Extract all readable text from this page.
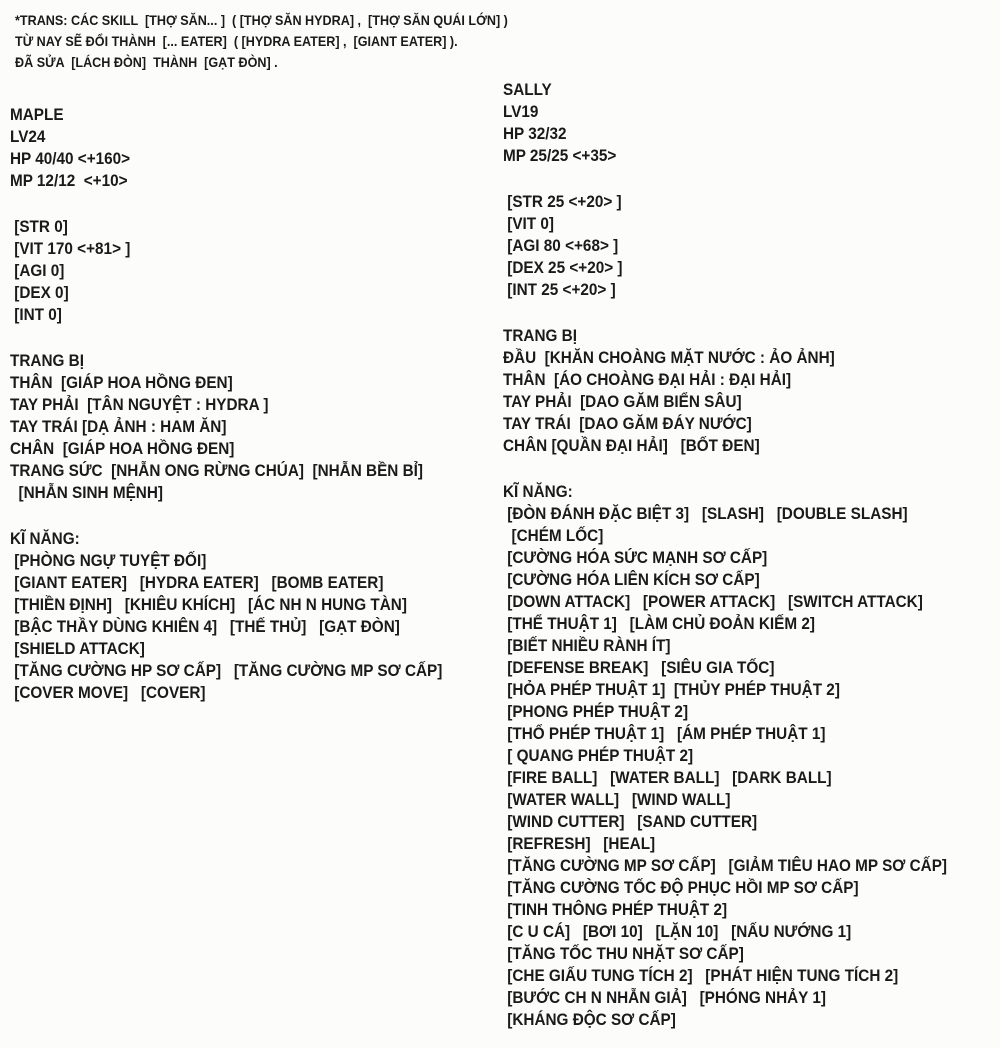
*TRANS: CÁC SKILL  [THỢ SĂN... ]  ( [THỢ SĂN HYDRA] ,  [THỢ SĂN QUÁI LỚN] )
TỪ NAY SẼ ĐỔI THÀNH  [... EATER]  ( [HYDRA EATER] ,  [GIANT EATER] ).
ĐÃ SỬA  [LÁCH ĐÒN]  THÀNH  [GẠT ĐÒN] .
MAPLE
LV24
HP 40/40 <+160>
MP 12/12  <+10>
[STR 0]
[VIT 170 <+81> ]
[AGI 0]
[DEX 0]
[INT 0]
TRANG BỊ
THÂN  [GIÁP HOA HỒNG ĐEN]
TAY PHẢI  [TÂN NGUYỆT : HYDRA ]
TAY TRÁI [DẠ ẢNH : HAM ĂN]
CHÂN  [GIÁP HOA HỒNG ĐEN]
TRANG SỨC  [NHẪN ONG RỪNG CHÚA]  [NHẪN BỀN BỈ]
[NHẪN SINH MỆNH]
KĨ NĂNG:
[PHÒNG NGỰ TUYỆT ĐỐI]
[GIANT EATER]   [HYDRA EATER]   [BOMB EATER]
[THIỀN ĐỊNH]   [KHIÊU KHÍCH]   [ÁC NH N HUNG TÀN]
[BẬC THẦY DÙNG KHIÊN 4]   [THẾ THỦ]   [GẠT ĐÒN]
[SHIELD ATTACK]
[TĂNG CƯỜNG HP SƠ CẤP]   [TĂNG CƯỜNG MP SƠ CẤP]
[COVER MOVE]   [COVER]
SALLY
LV19
HP 32/32
MP 25/25 <+35>
[STR 25 <+20> ]
[VIT 0]
[AGI 80 <+68> ]
[DEX 25 <+20> ]
[INT 25 <+20> ]
TRANG BỊ
ĐẦU  [KHĂN CHOÀNG MẶT NƯỚC : ẢO ẢNH]
THÂN  [ÁO CHOÀNG ĐẠI HẢI : ĐẠI HẢI]
TAY PHẢI  [DAO GĂM BIỂN SÂU]
TAY TRÁI  [DAO GĂM ĐÁY NƯỚC]
CHÂN [QUẦN ĐẠI HẢI]   [BỐT ĐEN]
KĨ NĂNG:
[ĐÒN ĐÁNH ĐẶC BIỆT 3]   [SLASH]   [DOUBLE SLASH]
[CHÉM LỐC]
[CƯỜNG HÓA SỨC MẠNH SƠ CẤP]
[CƯỜNG HÓA LIÊN KÍCH SƠ CẤP]
[DOWN ATTACK]   [POWER ATTACK]   [SWITCH ATTACK]
[THỂ THUẬT 1]   [LÀM CHỦ ĐOẢN KIẾM 2]
[BIẾT NHIỀU RÀNH ÍT]
[DEFENSE BREAK]   [SIÊU GIA TỐC]
[HỎA PHÉP THUẬT 1]  [THỦY PHÉP THUẬT 2]
[PHONG PHÉP THUẬT 2]
[THỔ PHÉP THUẬT 1]   [ÁM PHÉP THUẬT 1]
[ QUANG PHÉP THUẬT 2]
[FIRE BALL]   [WATER BALL]   [DARK BALL]
[WATER WALL]   [WIND WALL]
[WIND CUTTER]   [SAND CUTTER]
[REFRESH]   [HEAL]
[TĂNG CƯỜNG MP SƠ CẤP]   [GIẢM TIÊU HAO MP SƠ CẤP]
[TĂNG CƯỜNG TỐC ĐỘ PHỤC HỒI MP SƠ CẤP]
[TINH THÔNG PHÉP THUẬT 2]
[C U CÁ]   [BƠI 10]   [LẶN 10]   [NẤU NƯỚNG 1]
[TĂNG TỐC THU NHẶT SƠ CẤP]
[CHE GIẤU TUNG TÍCH 2]   [PHÁT HIỆN TUNG TÍCH 2]
[BƯỚC CH N NHẪN GIẢ]   [PHÓNG NHẢY 1]
[KHÁNG ĐỘC SƠ CẤP]
